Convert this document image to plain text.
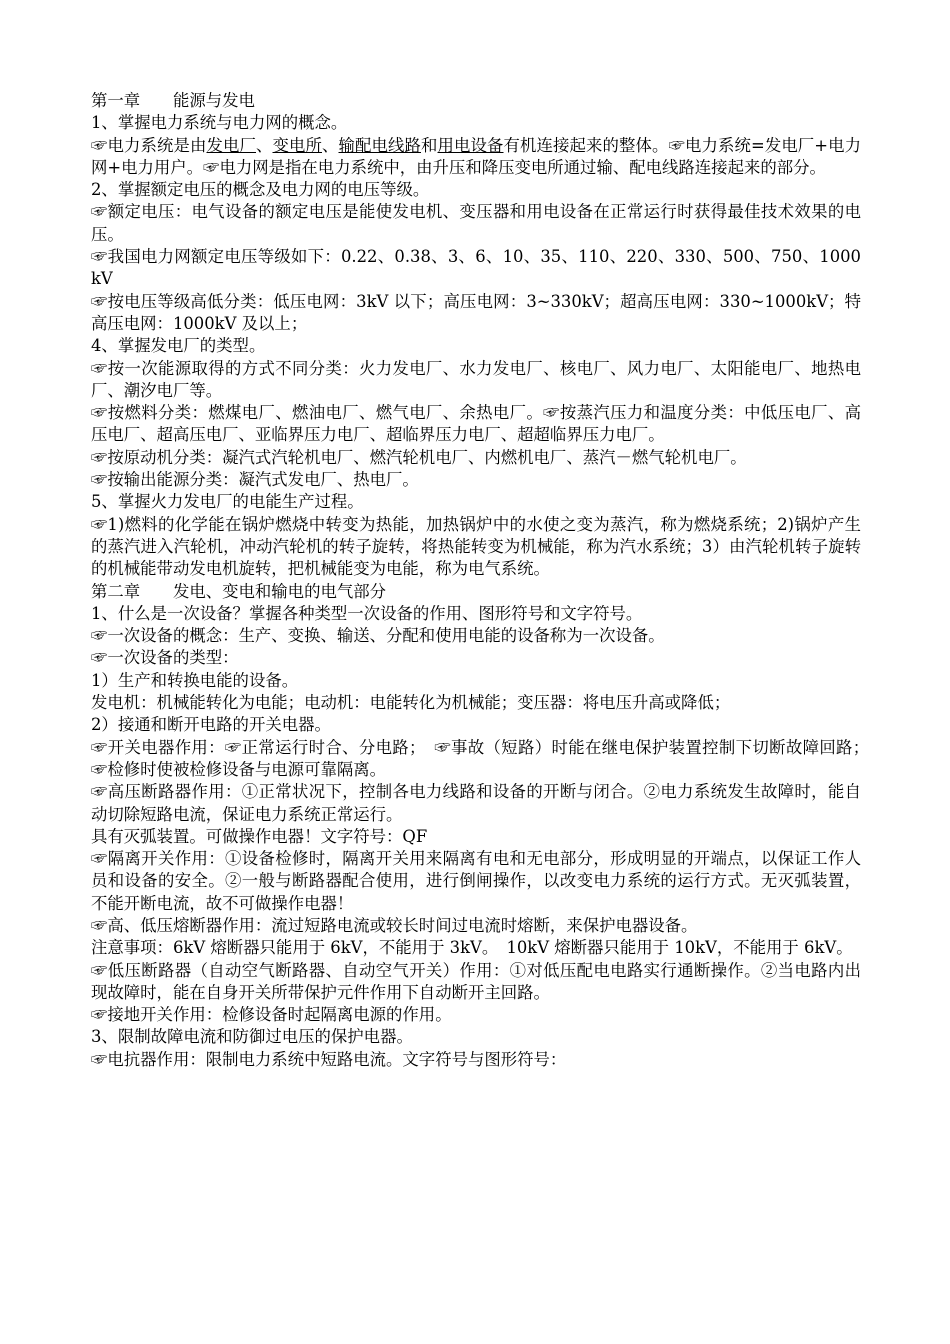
第一章　　能源与发电

1、掌握电力系统与电力网的概念。

☞电力系统是由发电厂、变电所、输配电线路和用电设备有机连接起来的整体。☞电力系统=发电厂+电力网+电力用户。☞电力网是指在电力系统中，由升压和降压变电所通过输、配电线路连接起来的部分。

2、掌握额定电压的概念及电力网的电压等级。

☞额定电压：电气设备的额定电压是能使发电机、变压器和用电设备在正常运行时获得最佳技术效果的电压。

☞我国电力网额定电压等级如下：0.22、0.38、3、6、10、35、110、220、330、500、750、1000 kV

☞按电压等级高低分类：低压电网：3kV 以下；高压电网：3~330kV；超高压电网：330~1000kV；特高压电网：1000kV 及以上；

4、掌握发电厂的类型。

☞按一次能源取得的方式不同分类：火力发电厂、水力发电厂、核电厂、风力电厂、太阳能电厂、地热电厂、潮汐电厂等。

☞按燃料分类：燃煤电厂、燃油电厂、燃气电厂、余热电厂。☞按蒸汽压力和温度分类：中低压电厂、高压电厂、超高压电厂、亚临界压力电厂、超临界压力电厂、超超临界压力电厂。

☞按原动机分类：凝汽式汽轮机电厂、燃汽轮机电厂、内燃机电厂、蒸汽－燃气轮机电厂。

☞按输出能源分类：凝汽式发电厂、热电厂。

5、掌握火力发电厂的电能生产过程。

☞1)燃料的化学能在锅炉燃烧中转变为热能，加热锅炉中的水使之变为蒸汽，称为燃烧系统；2)锅炉产生的蒸汽进入汽轮机，冲动汽轮机的转子旋转，将热能转变为机械能，称为汽水系统；3）由汽轮机转子旋转的机械能带动发电机旋转，把机械能变为电能，称为电气系统。

第二章　　发电、变电和输电的电气部分

1、什么是一次设备？掌握各种类型一次设备的作用、图形符号和文字符号。

☞一次设备的概念：生产、变换、输送、分配和使用电能的设备称为一次设备。

☞一次设备的类型：

1）生产和转换电能的设备。

发电机：机械能转化为电能；电动机：电能转化为机械能；变压器：将电压升高或降低；

2）接通和断开电路的开关电器。

☞开关电器作用：☞正常运行时合、分电路；　☞事故（短路）时能在继电保护装置控制下切断故障回路；　☞检修时使被检修设备与电源可靠隔离。

☞高压断路器作用：①正常状况下，控制各电力线路和设备的开断与闭合。②电力系统发生故障时，能自动切除短路电流，保证电力系统正常运行。

具有灭弧装置。可做操作电器！文字符号：QF

☞隔离开关作用：①设备检修时，隔离开关用来隔离有电和无电部分，形成明显的开端点，以保证工作人员和设备的安全。②一般与断路器配合使用，进行倒闸操作，以改变电力系统的运行方式。无灭弧装置，不能开断电流，故不可做操作电器！

☞高、低压熔断器作用：流过短路电流或较长时间过电流时熔断，来保护电器设备。

注意事项：6kV 熔断器只能用于 6kV，不能用于 3kV。　10kV 熔断器只能用于 10kV，不能用于 6kV。

☞低压断路器（自动空气断路器、自动空气开关）作用：①对低压配电电路实行通断操作。②当电路内出现故障时，能在自身开关所带保护元件作用下自动断开主回路。

☞接地开关作用：检修设备时起隔离电源的作用。

3、限制故障电流和防御过电压的保护电器。

☞电抗器作用：限制电力系统中短路电流。文字符号与图形符号：
